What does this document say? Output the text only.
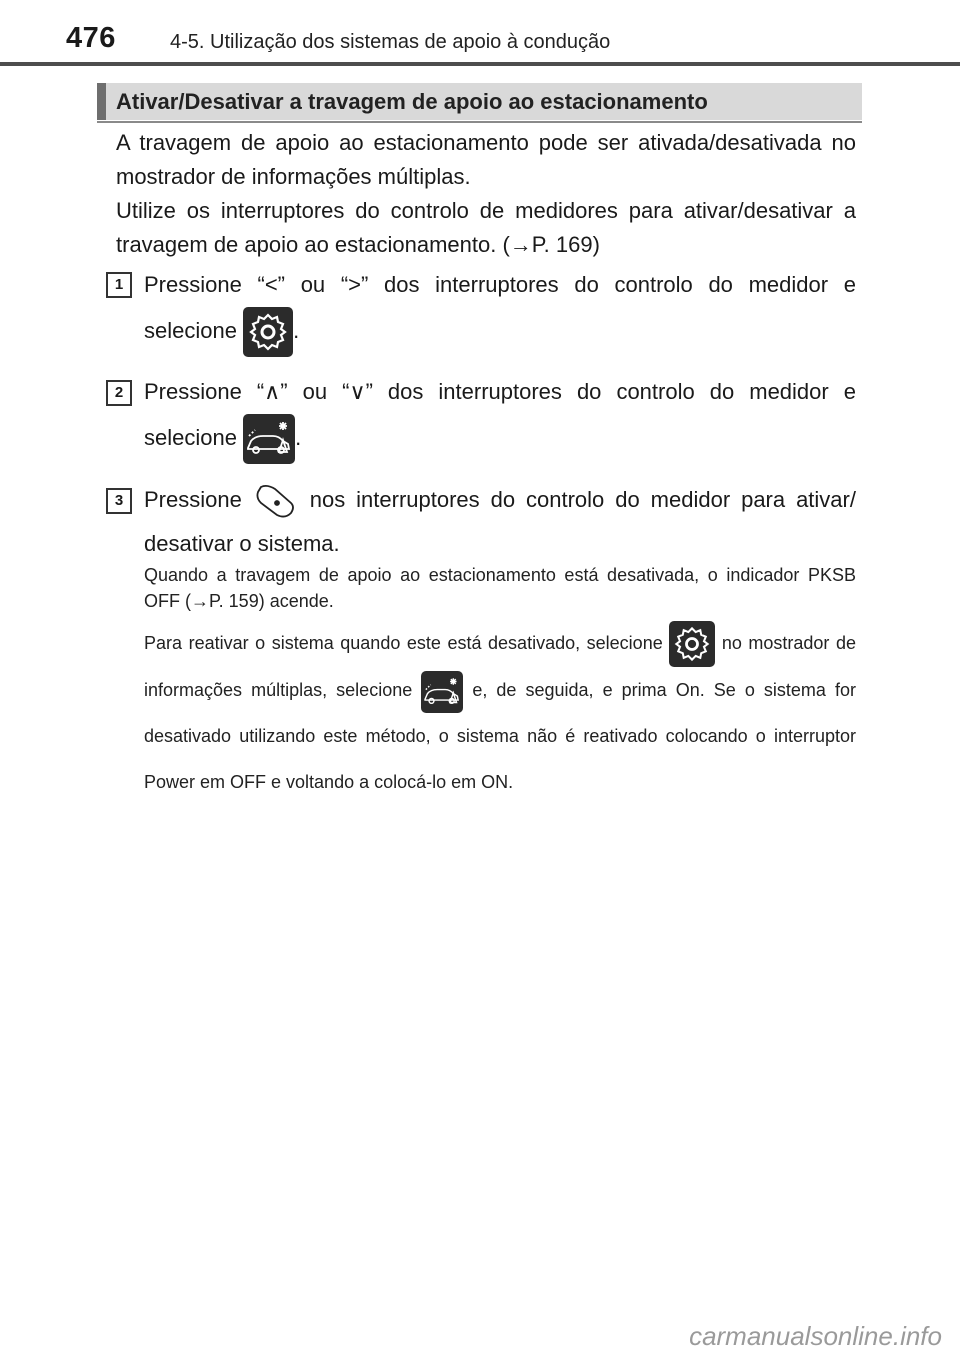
476	4-5. Utilização dos sistemas de apoio à condução
Ativar/Desativar a travagem de apoio ao estacionamento

A travagem de apoio ao estacionamento pode ser ativada/desativada no mostrador de informações múltiplas.

Utilize os interruptores do controlo de medidores para ativar/desativar a travagem de apoio ao estacionamento. (→P. 169)

1 Pressione “<” ou “>” dos interruptores do controlo do medidor e selecione
.

2 Pressione “∧” ou “∨” dos interruptores do controlo do medidor e selecione
.

3 Pressione
nos interruptores do controlo do medidor para ativar/ desativar o sistema.

Quando a travagem de apoio ao estacionamento está desativada, o indicador PKSB OFF (→P. 159) acende.

Para reativar o sistema quando este está desativado, selecione	no mostrador de informações múltiplas, selecione
e, de seguida, e prima On. Se o sistema for desativado utilizando este método, o sistema não é reativado colocando o interruptor Power em OFF e voltando a colocá-lo em ON.

carmanualsonline.info
